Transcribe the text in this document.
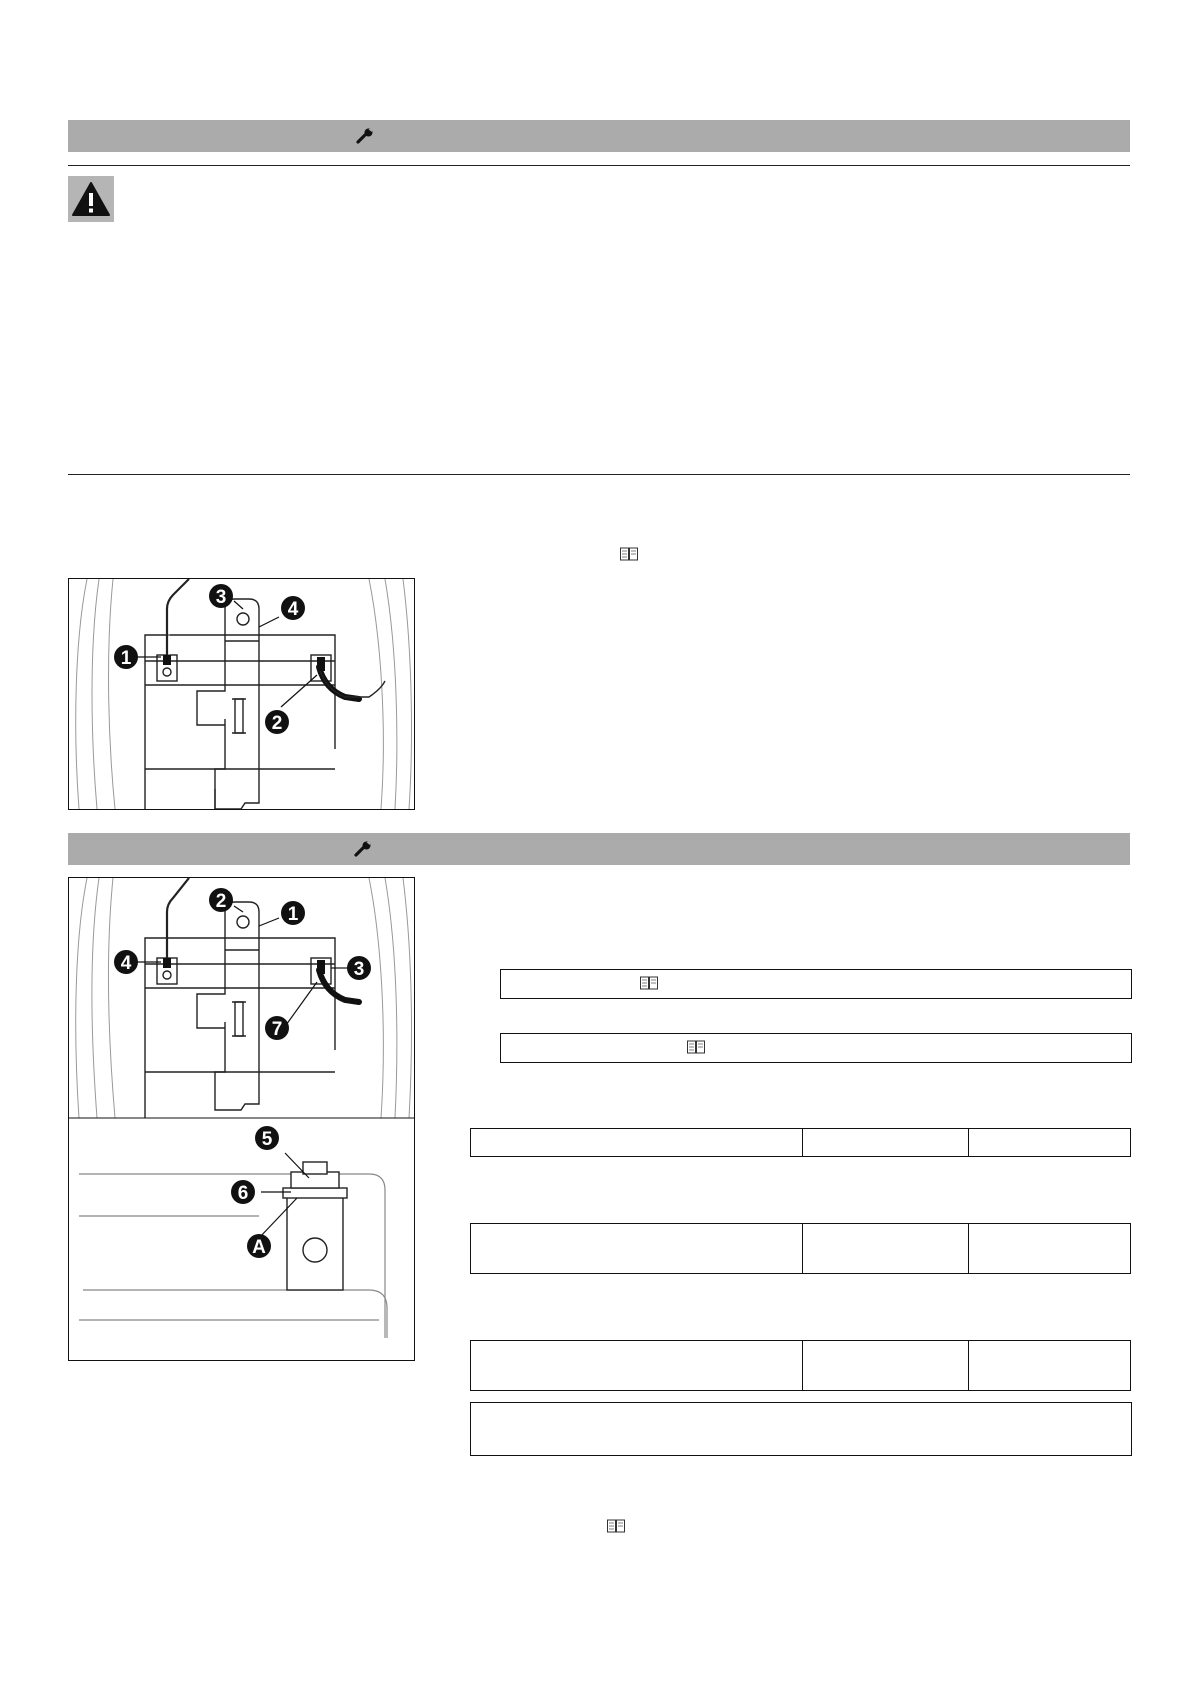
1
2
3
4
1
2
3
4
5
6
7
A
